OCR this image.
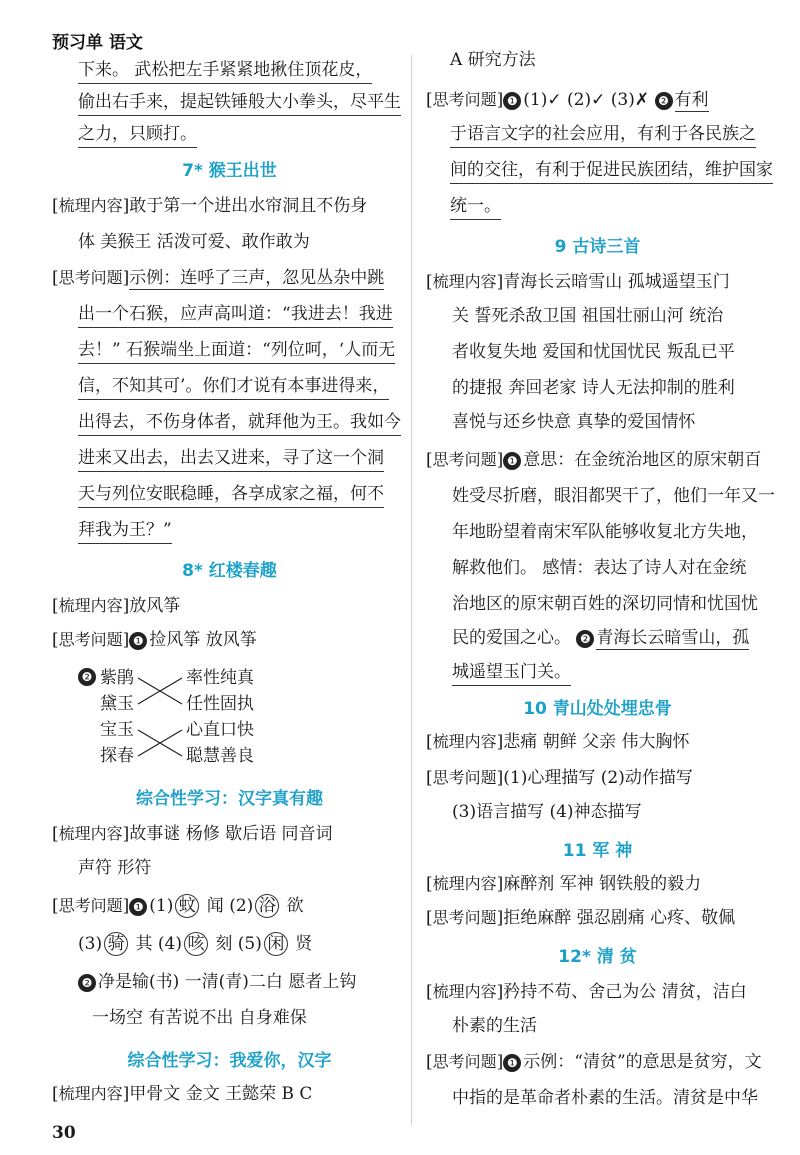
预习单 语文
下来。 武松把左手紧紧地揪住顶花皮，
偷出右手来，提起铁锤般大小拳头，尽平生
之力，只顾打。
7* 猴王出世
[梳理内容]敢于第一个进出水帘洞且不伤身
体 美猴王 活泼可爱、敢作敢为
[思考问题]示例：连呼了三声，忽见丛杂中跳
出一个石猴，应声高叫道：“我进去！我进
去！” 石猴端坐上面道：“列位呵，‘人而无
信，不知其可’。你们才说有本事进得来，
出得去，不伤身体者，就拜他为王。我如今
进来又出去，出去又进来，寻了这一个洞
天与列位安眠稳睡，各享成家之福，何不
拜我为王？”
8* 红楼春趣
[梳理内容]放风筝
[思考问题] ❶ 捡风筝 放风筝
❷ 紫鹃
黛玉
宝玉
探春
率性纯真
任性固执
心直口快
聪慧善良
综合性学习：汉字真有趣
[梳理内容]故事谜 杨修 歇后语 同音词
声符 形符
[思考问题] ❶ (1) 蚊 闻 (2) 浴 欲
(3) 骑 其 (4) 咳 刻 (5) 闲 贤
❷ 净是输(书) 一清(青)二白 愿者上钩
一场空 有苦说不出 自身难保
综合性学习：我爱你，汉字
[梳理内容]甲骨文 金文 王懿荣 B C
30
A 研究方法
[思考问题] ❶ (1)✓ (2)✓ (3)✗ ❷ 有利
于语言文字的社会应用，有利于各民族之
间的交往，有利于促进民族团结，维护国家
统一。
9 古诗三首
[梳理内容]青海长云暗雪山 孤城遥望玉门
关 誓死杀敌卫国 祖国壮丽山河 统治
者收复失地 爱国和忧国忧民 叛乱已平
的捷报 奔回老家 诗人无法抑制的胜利
喜悦与还乡快意 真挚的爱国情怀
[思考问题] ❶ 意思：在金统治地区的原宋朝百
姓受尽折磨，眼泪都哭干了，他们一年又一
年地盼望着南宋军队能够收复北方失地，
解救他们。 感情：表达了诗人对在金统
治地区的原宋朝百姓的深切同情和忧国忧
民的爱国之心。 ❷ 青海长云暗雪山，孤
城遥望玉门关。
10 青山处处埋忠骨
[梳理内容]悲痛 朝鲜 父亲 伟大胸怀
[思考问题](1)心理描写 (2)动作描写
(3)语言描写 (4)神态描写
11 军 神
[梳理内容]麻醉剂 军神 钢铁般的毅力
[思考问题]拒绝麻醉 强忍剧痛 心疼、敬佩
12* 清 贫
[梳理内容]矜持不苟、舍己为公 清贫，洁白
朴素的生活
[思考问题] ❶ 示例：“清贫”的意思是贫穷，文
中指的是革命者朴素的生活。清贫是中华
